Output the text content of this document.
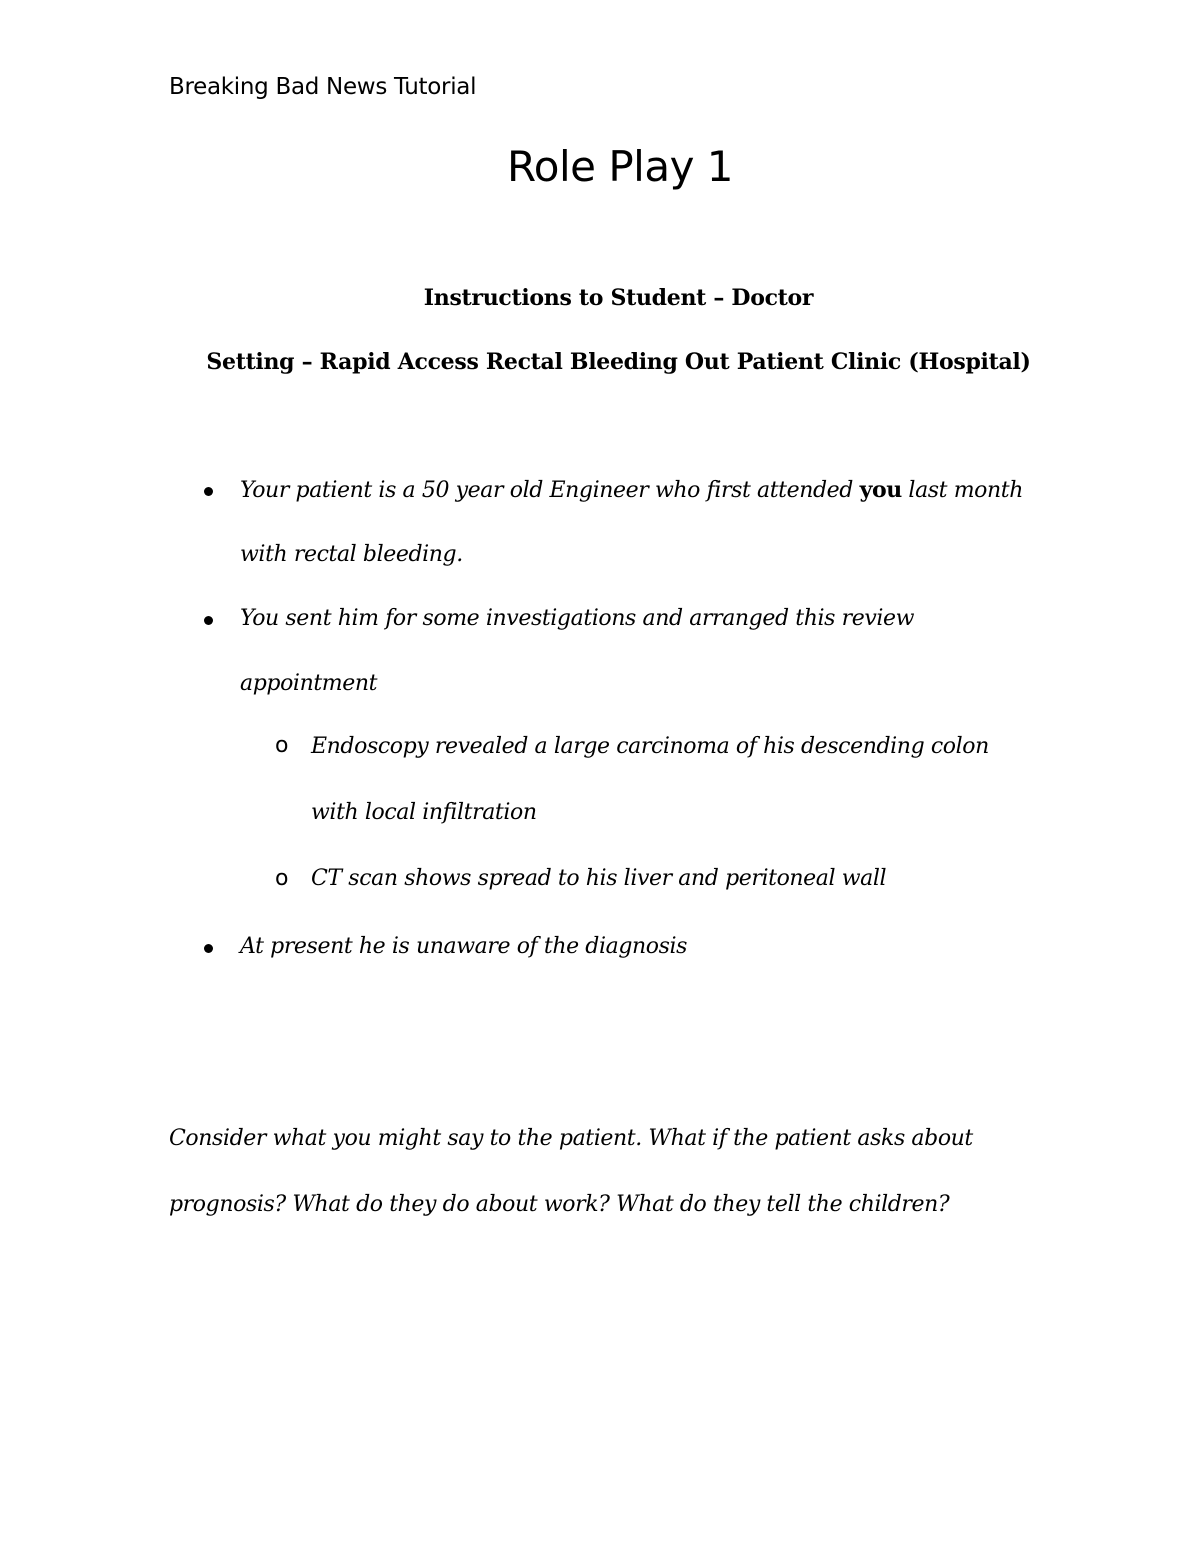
Breaking Bad News Tutorial
Role Play 1
Instructions to Student – Doctor
Setting – Rapid Access Rectal Bleeding Out Patient Clinic (Hospital)
Your patient is a 50 year old Engineer who first attended you last month
with rectal bleeding.
You sent him for some investigations and arranged this review
appointment
o Endoscopy revealed a large carcinoma of his descending colon
with local infiltration
o CT scan shows spread to his liver and peritoneal wall
At present he is unaware of the diagnosis
Consider what you might say to the patient. What if the patient asks about
prognosis? What do they do about work? What do they tell the children?
